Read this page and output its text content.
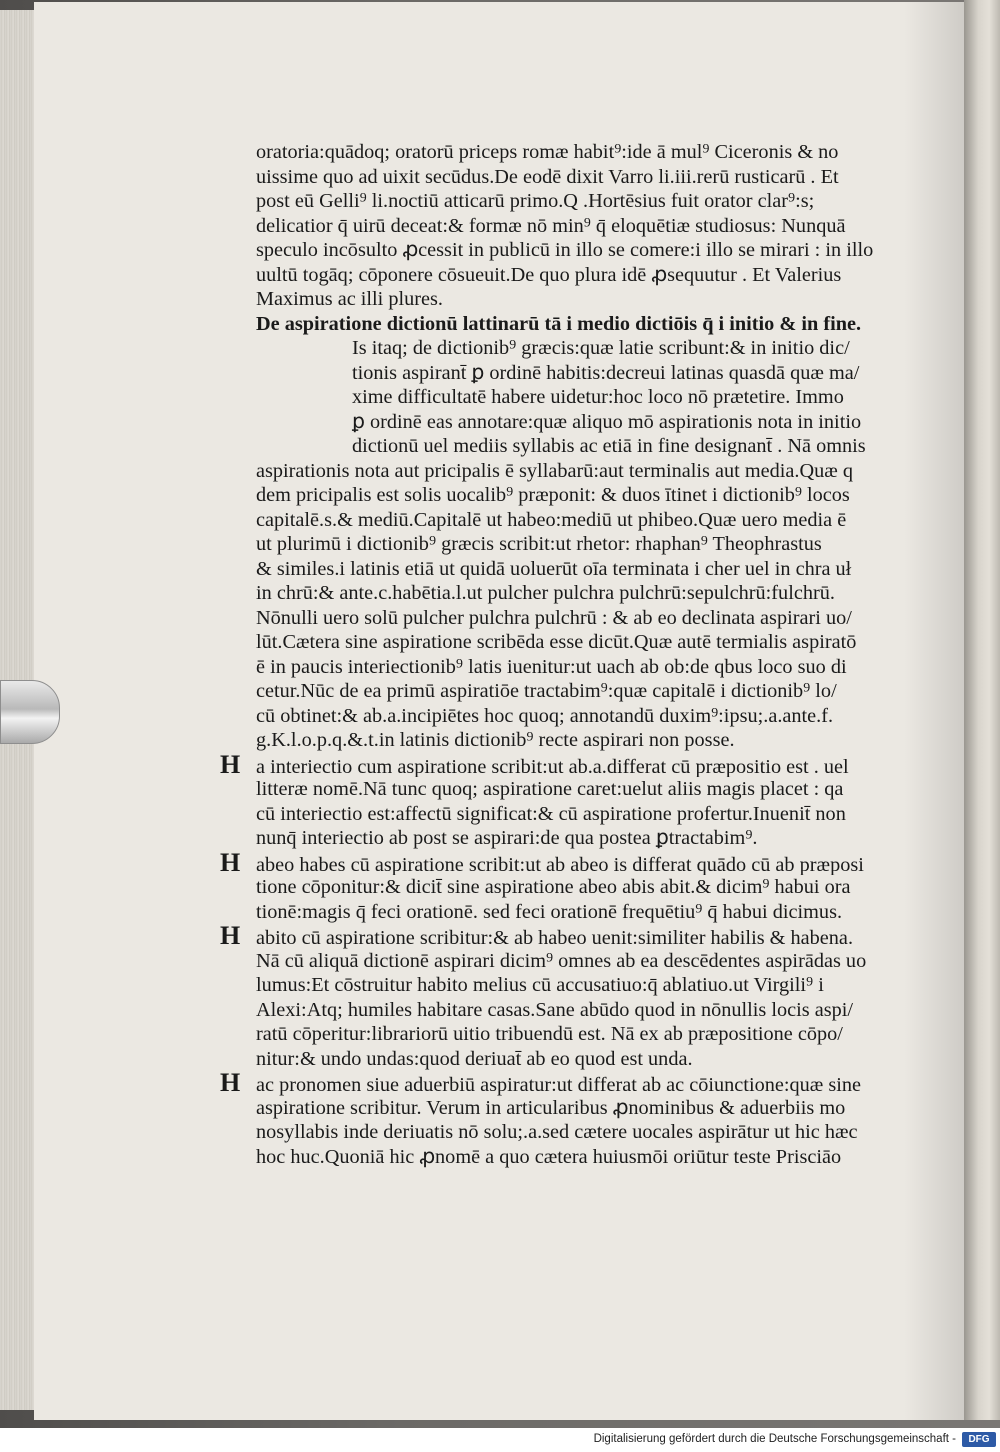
oratoria:quādoq; oratorū priceps romæ habit⁹:ide ā mul⁹ Ciceronis & no
uissime quo ad uixit secūdus.De eodē dixit Varro li.iii.rerū rusticarū . Et
post eū Gelli⁹ li.noctiū atticarū primo.Q .Hortēsius fuit orator clar⁹:s;
delicatior q̄ uirū deceat:& formæ nō min⁹ q̄ eloquētiæ studiosus: Nunquā
speculo incōsulto ꝓcessit in publicū in illo se comere:i illo se mirari : in illo
uultū togāq; cōponere cōsueuit.De quo plura idē ꝓsequutur . Et Valerius
Maximus ac illi plures.
De aspiratione dictionū lattinarū tā i medio dictiōis q̄ i initio & in fine.
Is itaq; de dictionib⁹ græcis:quæ latie scribunt:& in initio dic/
tionis aspirant̄ ꝑ ordinē habitis:decreui latinas quasdā quæ ma/
xime difficultatē habere uidetur:hoc loco nō prætetire. Immo
ꝑ ordinē eas annotare:quæ aliquo mō aspirationis nota in initio
dictionū uel mediis syllabis ac etiā in fine designant̄ . Nā omnis
aspirationis nota aut pricipalis ē syllabarū:aut terminalis aut media.Quæ q
dem pricipalis est solis uocalib⁹ præponit: & duos ītinet i dictionib⁹ locos
capitalē.s.& mediū.Capitalē ut habeo:mediū ut phibeo.Quæ uero media ē
ut plurimū i dictionib⁹ græcis scribit:ut rhetor: rhaphan⁹ Theophrastus
& similes.i latinis etiā ut quidā uoluerūt oīa terminata i cher uel in chra uł
in chrū:& ante.c.habētia.l.ut pulcher pulchra pulchrū:sepulchrū:fulchrū.
Nōnulli uero solū pulcher pulchra pulchrū : & ab eo declinata aspirari uo/
lūt.Cætera sine aspiratione scribēda esse dicūt.Quæ autē termialis aspiratō
ē in paucis interiectionib⁹ latis iuenitur:ut uach ab ob:de qbus loco suo di
cetur.Nūc de ea primū aspiratiōe tractabim⁹:quæ capitalē i dictionib⁹ lo/
cū obtinet:& ab.a.incipiētes hoc quoq; annotandū duxim⁹:ipsu;.a.ante.f.
g.K.l.o.p.q.&.t.in latinis dictionib⁹ recte aspirari non posse.
H a interiectio cum aspiratione scribit:ut ab.a.differat cū præpositio est . uel
litteræ nomē.Nā tunc quoq; aspiratione caret:uelut aliis magis placet : qa
cū interiectio est:affectū significat:& cū aspiratione profertur.Inuenit̄ non
nunq̄ interiectio ab post se aspirari:de qua postea ꝑtractabim⁹.
H abeo habes cū aspiratione scribit:ut ab abeo is differat quādo cū ab præposi
tione cōponitur:& dicit̄ sine aspiratione abeo abis abit.& dicim⁹ habui ora
tionē:magis q̄ feci orationē. sed feci orationē frequētiu⁹ q̄ habui dicimus.
H abito cū aspiratione scribitur:& ab habeo uenit:similiter habilis & habena.
Nā cū aliquā dictionē aspirari dicim⁹ omnes ab ea descēdentes aspirādas uo
lumus:Et cōstruitur habito melius cū accusatiuo:q̄ ablatiuo.ut Virgili⁹ i
Alexi:Atq; humiles habitare casas.Sane abūdo quod in nōnullis locis aspi/
ratū cōperitur:librariorū uitio tribuendū est. Nā ex ab præpositione cōpo/
nitur:& undo undas:quod deriuat̄ ab eo quod est unda.
H ac pronomen siue aduerbiū aspiratur:ut differat ab ac cōiunctione:quæ sine
aspiratione scribitur. Verum in articularibus ꝓnominibus & aduerbiis mo
nosyllabis inde deriuatis nō solu;.a.sed cætere uocales aspirātur ut hic hæc
hoc huc.Quoniā hic ꝓnomē a quo cætera huiusmōi oriūtur teste Prisciāo
Digitalisierung gefördert durch die Deutsche Forschungsgemeinschaft -	DFG
